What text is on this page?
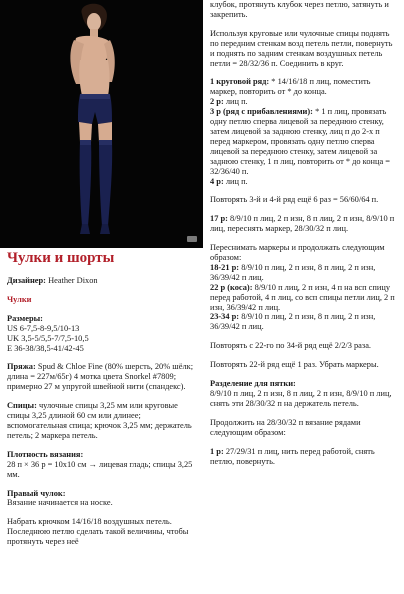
Чулки и шорты

Дизайнер: Heather Dixon

Чулки

Размеры:
US 6-7,5-8-9,5/10-13
UK 3,5-5/5,5-7/7,5-10,5
E 36-38/38,5-41/42-45

Пряжа: Spud & Chloe Fine (80% шерсть, 20% шёлк; длина = 227м/65г) 4 мотка цвета Snorkel #7809; примерно 27 м упругой швейной нити (спандекс).

Спицы: чулочные спицы 3,25 мм или круговые спицы 3,25 длиной 60 см или длинее; вспомогательная спица; крючок 3,25 мм; держатель петель; 2 маркера петель.

Плотность вязания:
28 п × 36 р = 10х10 см → лицевая гладь; спицы 3,25 мм.

Правый чулок:
Вязание начинается на носке.

Набрать крючком 14/16/18 воздушных петель. Последнюю петлю сделать такой величины, чтобы протянуть через неё

клубок, протянуть клубок через петлю, затянуть и закрепить.

Используя круговые или чулочные спицы поднять по передним стенкам возд петель петли, повернуть и поднять по задним стенкам воздушных петель петли = 28/32/36 п. Соединить в круг.

1 круговой ряд: * 14/16/18 п лиц, поместить маркер, повторить от * до конца.
2 р: лиц п.
3 р (ряд с прибавлениями): * 1 п лиц, провязать одну петлю сперва лицевой за переднюю стенку, затем лицевой за заднюю стенку, лиц п до 2-х п перед маркером, провязать одну петлю сперва лицевой за переднюю стенку, затем лицевой за заднюю стенку, 1 п лиц, повторить от * до конца = 32/36/40 п.
4 р: лиц п.

Повторять 3-й и 4-й ряд ещё 6 раз = 56/60/64 п.

17 р: 8/9/10 п лиц, 2 п изн, 8 п лиц, 2 п изн, 8/9/10 п лиц, переснять маркер, 28/30/32 п лиц.

Переснимать маркеры и продолжать следующим образом:
18-21 р: 8/9/10 п лиц, 2 п изн, 8 п лиц, 2 п изн, 36/39/42 п лиц.
22 р (коса): 8/9/10 п лиц, 2 п изн, 4 п на всп спицу перед работой, 4 п лиц, со всп спицы петли лиц, 2 п изн, 36/39/42 п лиц.
23-34 р: 8/9/10 п лиц, 2 п изн, 8 п лиц, 2 п изн, 36/39/42 п лиц.

Повторять с 22-го по 34-й ряд ещё 2/2/3 раза.

Повторять 22-й ряд ещё 1 раз. Убрать маркеры.

Разделение для пятки:
8/9/10 п лиц, 2 п изн, 8 п лиц, 2 п изн, 8/9/10 п лиц, снять эти 28/30/32 п на держатель петель.

Продолжить на 28/30/32 п вязание рядами следующим образом:

1 р: 27/29/31 п лиц, нить перед работой, снять петлю, повернуть.
